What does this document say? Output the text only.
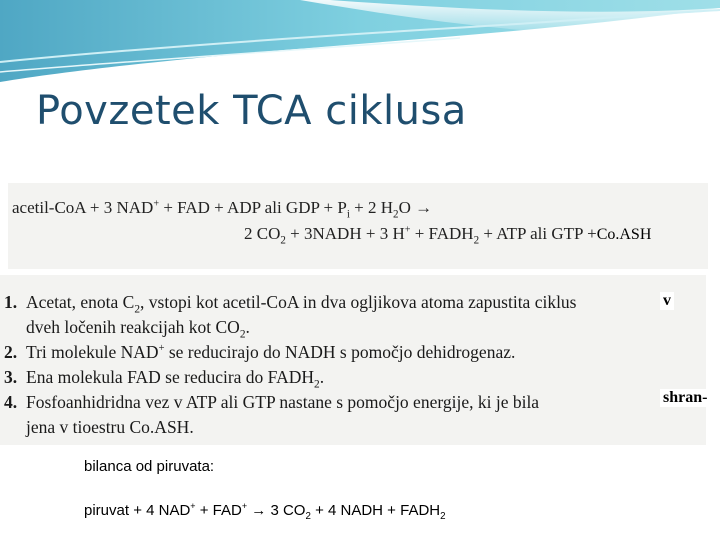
Povzetek TCA ciklusa
acetil-CoA + 3 NAD+ + FAD + ADP ali GDP + $P_i + 2$ $H_2O$ →
2 $CO_2$ + 3NADH + 3 $H^+ + FADH_2$ + ATP ali GTP +Co.ASH
1. Acetat, enota $C_2$, vstopi kot acetil-CoA in dva ogljikova atoma zapustita ciklus
dveh ločenih reakcijah kot $CO_2$.
2. Tri molekule NAD+ se reducirajo do NADH s pomočjo dehidrogenaz.
3. Ena molekula FAD se reducira do $FADH_2$.
4. Fosfoanhidridna vez v ATP ali GTP nastane s pomočjo energije, ki je bila
jena v tioestru Co.ASH.
v
shran-
bilanca od piruvata:
piruvat + 4 NAD+ + FAD+ → 3 $CO_2 + 4$ NADH + $FADH_2$
